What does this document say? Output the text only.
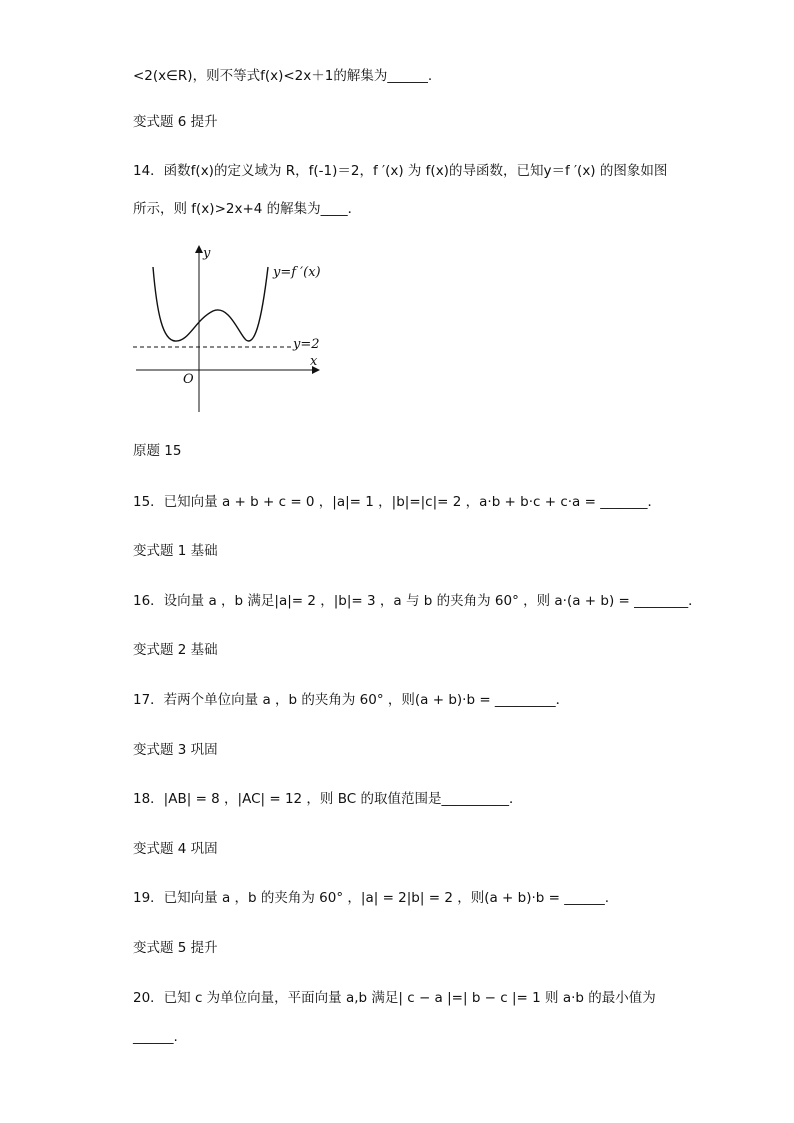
<2(x∈R)，则不等式f(x)<2x＋1的解集为______.
变式题 6 提升
14．函数f(x)的定义域为 R，f(-1)＝2，f ′(x) 为 f(x)的导函数，已知y＝f ′(x) 的图象如图
所示，则 f(x)>2x+4 的解集为____．
y=f ′(x)
y=2
x
y
O
原题 15
15．已知向量 a + b + c = 0 ，|a|= 1 ，|b|=|c|= 2 ，a·b + b·c + c·a = _______．
变式题 1 基础
16．设向量 a ，b 满足|a|= 2 ，|b|= 3 ，a 与 b 的夹角为 60° ，则 a·(a + b) = ________．
变式题 2 基础
17．若两个单位向量 a ，b 的夹角为 60° ，则(a + b)·b = _________．
变式题 3 巩固
18．|AB| = 8 ，|AC| = 12 ，则 BC 的取值范围是__________．
变式题 4 巩固
19．已知向量 a ，b 的夹角为 60° ，|a| = 2|b| = 2 ，则(a + b)·b = ______.
变式题 5 提升
20．已知 c 为单位向量，平面向量 a,b 满足| c − a |=| b − c |= 1 则 a·b 的最小值为
______.
